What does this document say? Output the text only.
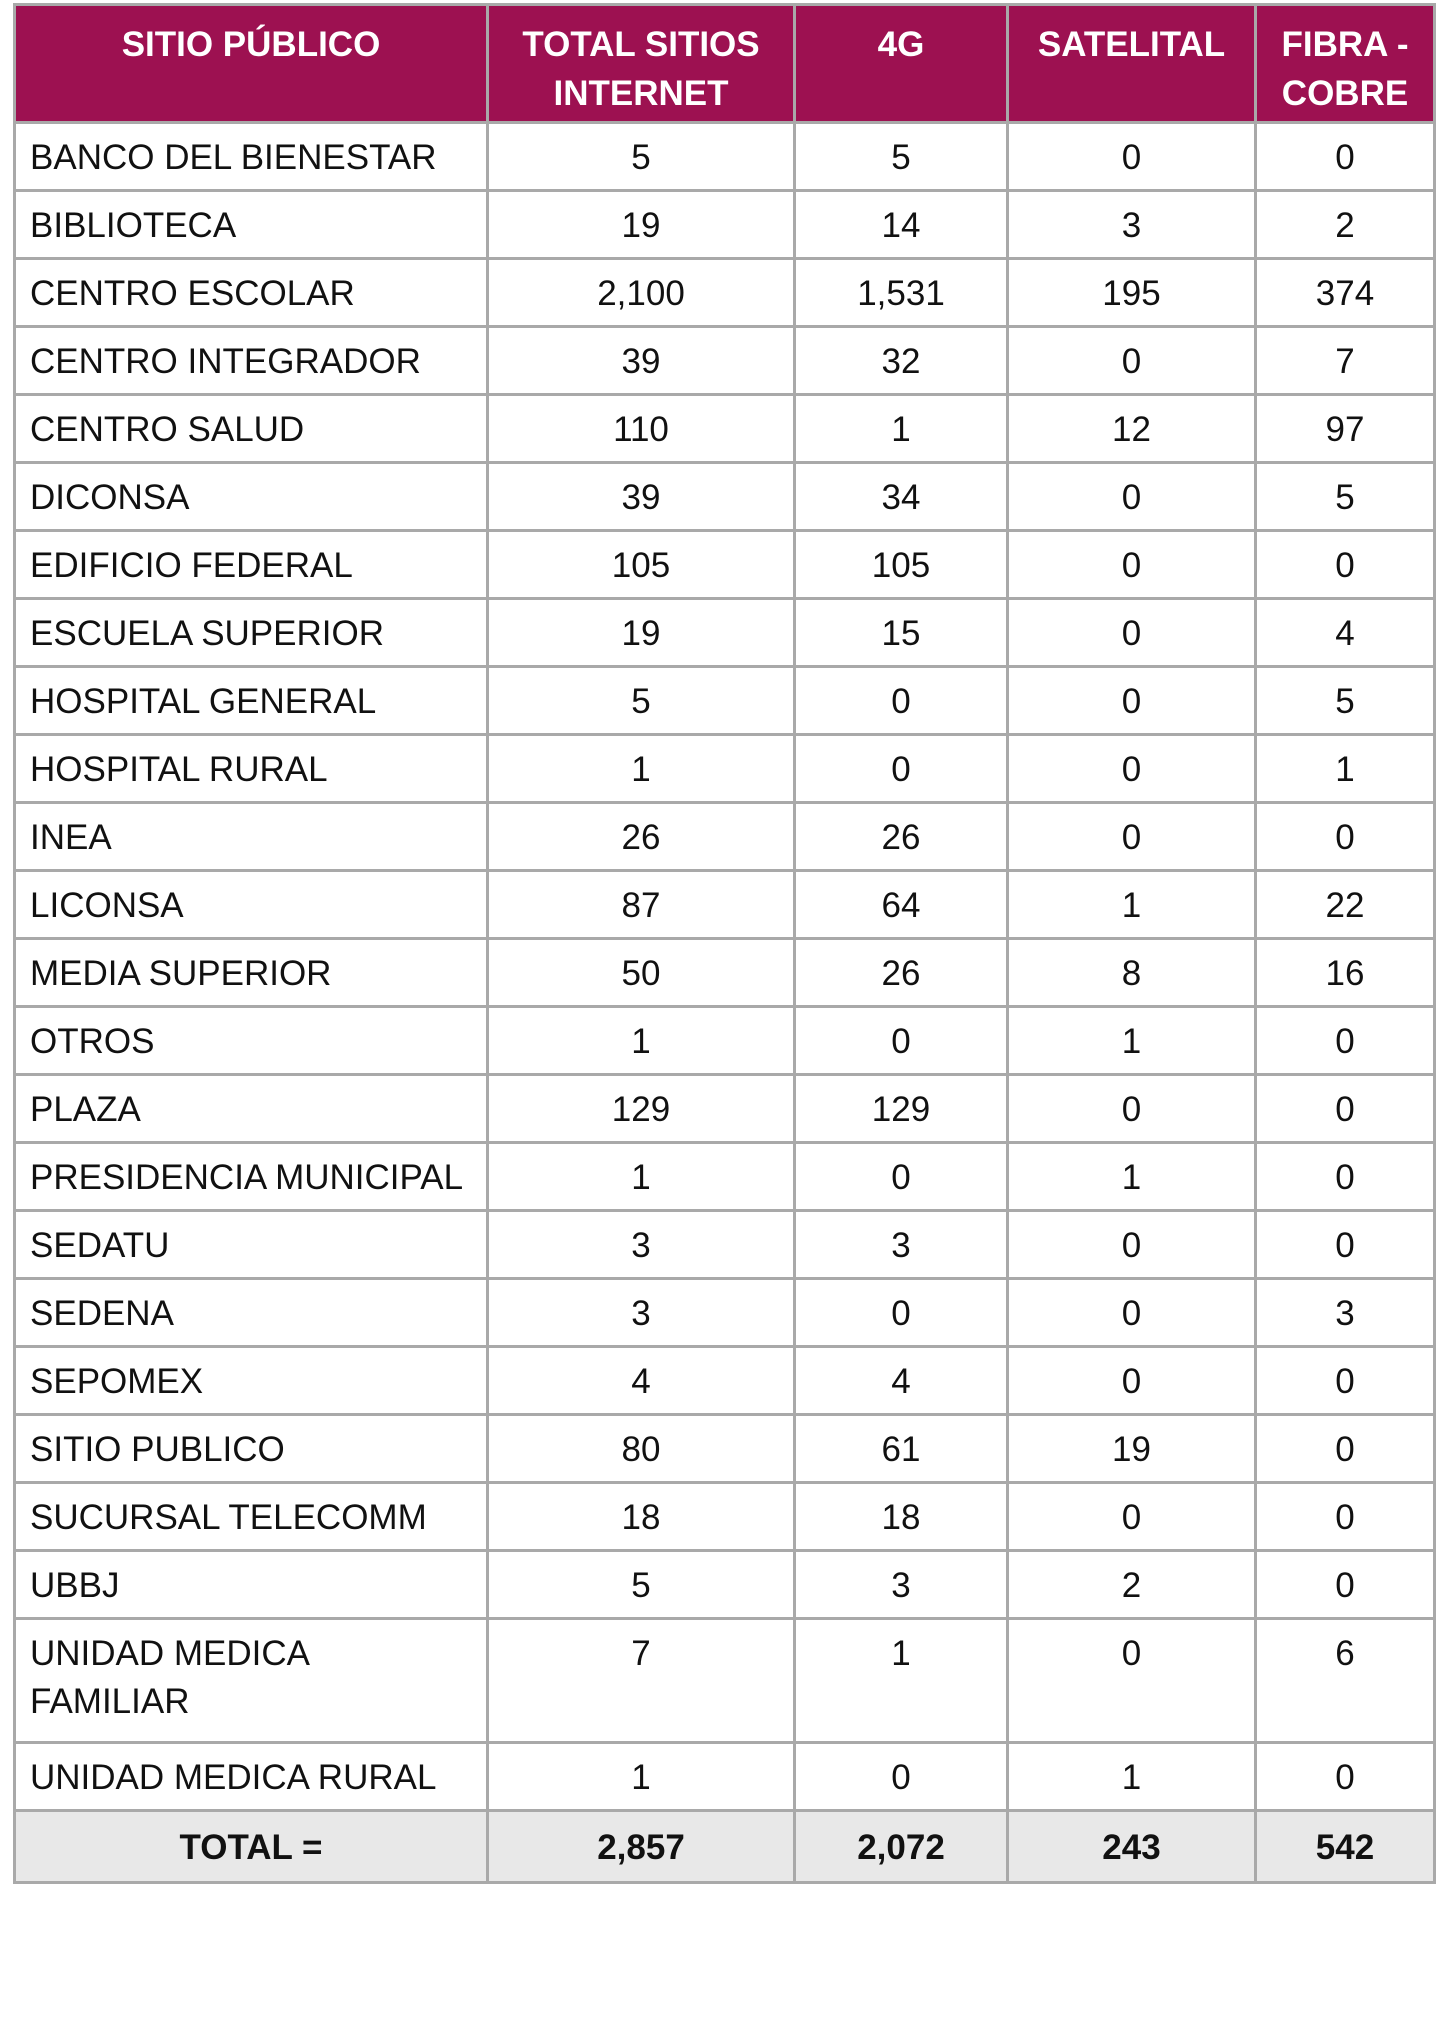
SITIO PÚBLICO	TOTAL SITIOS INTERNET	4G	SATELITAL	FIBRA - COBRE
BANCO DEL BIENESTAR	5	5	0	0
BIBLIOTECA	19	14	3	2
CENTRO ESCOLAR	2,100	1,531	195	374
CENTRO INTEGRADOR	39	32	0	7
CENTRO SALUD	110	1	12	97
DICONSA	39	34	0	5
EDIFICIO FEDERAL	105	105	0	0
ESCUELA SUPERIOR	19	15	0	4
HOSPITAL GENERAL	5	0	0	5
HOSPITAL RURAL	1	0	0	1
INEA	26	26	0	0
LICONSA	87	64	1	22
MEDIA SUPERIOR	50	26	8	16
OTROS	1	0	1	0
PLAZA	129	129	0	0
PRESIDENCIA MUNICIPAL	1	0	1	0
SEDATU	3	3	0	0
SEDENA	3	0	0	3
SEPOMEX	4	4	0	0
SITIO PUBLICO	80	61	19	0
SUCURSAL TELECOMM	18	18	0	0
UBBJ	5	3	2	0
UNIDAD MEDICA FAMILIAR	7	1	0	6
UNIDAD MEDICA RURAL	1	0	1	0
TOTAL =	2,857	2,072	243	542
